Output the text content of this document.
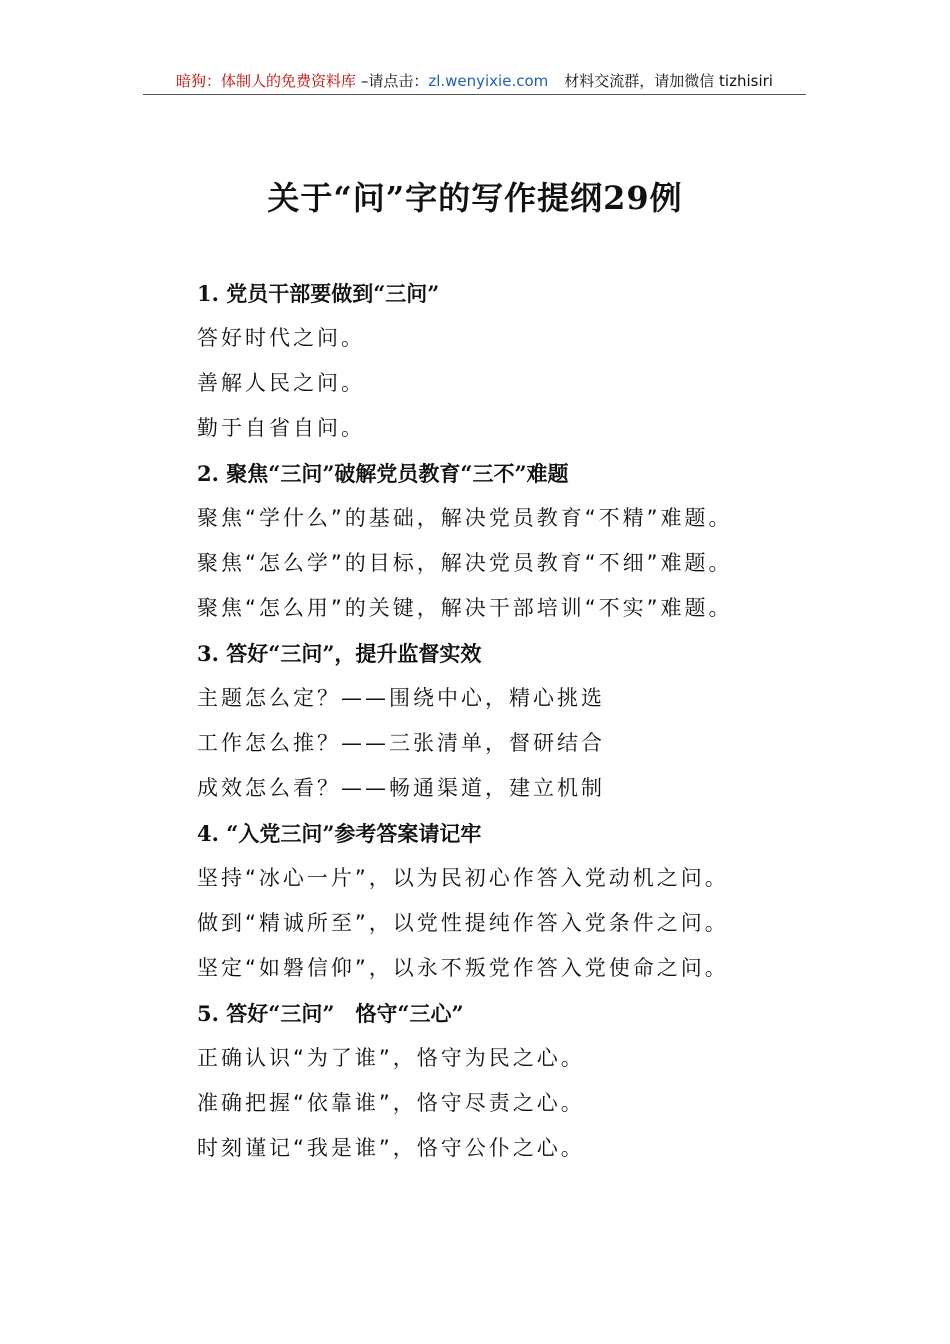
暗狗：体制人的免费资料库 –请点击：zl.wenyixie.com 材料交流群，请加微信 tizhisiri
关于“问”字的写作提纲29例

1. 党员干部要做到“三问”

答好时代之问。

善解人民之问。

勤于自省自问。

2. 聚焦“三问”破解党员教育“三不”难题

聚焦“学什么”的基础，解决党员教育“不精”难题。

聚焦“怎么学”的目标，解决党员教育“不细”难题。

聚焦“怎么用”的关键，解决干部培训“不实”难题。

3. 答好“三问”，提升监督实效

主题怎么定？——围绕中心，精心挑选

工作怎么推？——三张清单，督研结合

成效怎么看？——畅通渠道，建立机制

4. “入党三问”参考答案请记牢

坚持“冰心一片”，以为民初心作答入党动机之问。

做到“精诚所至”，以党性提纯作答入党条件之问。

坚定“如磐信仰”，以永不叛党作答入党使命之问。

5. 答好“三问”　恪守“三心”

正确认识“为了谁”，恪守为民之心。

准确把握“依靠谁”，恪守尽责之心。

时刻谨记“我是谁”，恪守公仆之心。
